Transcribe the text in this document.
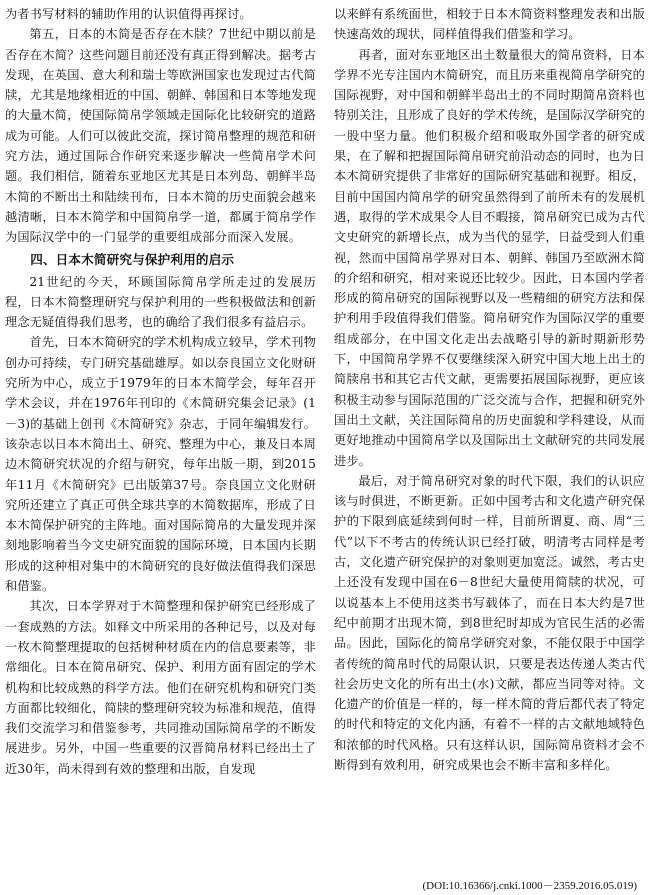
为者书写材料的辅助作用的认识值得再探讨。

第五，日本的木简是否存在木牍？7世纪中期以前是否存在木简？这些问题目前还没有真正得到解决。据考古发现，在英国、意大利和瑞士等欧洲国家也发现过古代简牍，尤其是地缘相近的中国、朝鲜、韩国和日本等地发现的大量木简，使国际简帛学领域走国际化比较研究的道路成为可能。人们可以彼此交流，探讨简帛整理的规范和研究方法，通过国际合作研究来逐步解决一些简帛学术问题。我们相信，随着东亚地区尤其是日本列岛、朝鲜半岛木简的不断出土和陆续刊布，日本木简的历史面貌会越来越清晰，日本木简学和中国简帛学一道，都属于简帛学作为国际汉学中的一门显学的重要组成部分而深入发展。

四、日本木简研究与保护利用的启示

21世纪的今天，环顾国际简帛学所走过的发展历程，日本木简整理研究与保护利用的一些积极做法和创新理念无疑值得我们思考，也的确给了我们很多有益启示。

首先，日本木简研究的学术机构成立较早，学术刊物创办可持续，专门研究基础雄厚。如以奈良国立文化财研究所为中心，成立于1979年的日本木简学会，每年召开学术会议，并在1976年刊印的《木简研究集会记录》(1－3)的基础上创刊《木简研究》杂志，于同年编辑发行。该杂志以日本木简出土、研究、整理为中心，兼及日本周边木简研究状况的介绍与研究，每年出版一期，到2015年11月《木简研究》已出版第37号。奈良国立文化财研究所还建立了真正可供全球共享的木简数据库，形成了日本木简保护研究的主阵地。面对国际简帛的大量发现并深刻地影响着当今文史研究面貌的国际环境，日本国内长期形成的这种相对集中的木简研究的良好做法值得我们深思和借鉴。

其次，日本学界对于木简整理和保护研究已经形成了一套成熟的方法。如释文中所采用的各种记号，以及对每一枚木简整理提取的包括树种材质在内的信息要素等，非常细化。日本在简帛研究、保护、利用方面有固定的学术机构和比较成熟的科学方法。他们在研究机构和研究门类方面都比较细化，简牍的整理研究较为标准和规范，值得我们交流学习和借鉴参考，共同推动国际简帛学的不断发展进步。另外，中国一些重要的汉晋简帛材料已经出土了近30年，尚未得到有效的整理和出版，自发现

以来鲜有系统面世，相较于日本木简资料整理发表和出版快速高效的现状，同样值得我们借鉴和学习。

再者，面对东亚地区出土数量很大的简帛资料，日本学界不光专注国内木简研究，而且历来重视简帛学研究的国际视野，对中国和朝鲜半岛出土的不同时期简帛资料也特别关注，且形成了良好的学术传统，是国际汉学研究的一股中坚力量。他们积极介绍和吸取外国学者的研究成果，在了解和把握国际简帛研究前沿动态的同时，也为日本木简研究提供了非常好的国际研究基础和视野。相反，目前中国国内简帛学的研究虽然得到了前所未有的发展机遇，取得的学术成果令人目不暇接，简帛研究已成为古代文史研究的新增长点，成为当代的显学，日益受到人们重视，然而中国简帛学界对日本、朝鲜、韩国乃至欧洲木简的介绍和研究，相对来说还比较少。因此，日本国内学者形成的简帛研究的国际视野以及一些精细的研究方法和保护利用手段值得我们借鉴。简帛研究作为国际汉学的重要组成部分，在中国文化走出去战略引导的新时期新形势下，中国简帛学界不仅要继续深入研究中国大地上出土的简牍帛书和其它古代文献，更需要拓展国际视野，更应该积极主动参与国际范围的广泛交流与合作，把握和研究外国出土文献，关注国际简帛的历史面貌和学科建设，从而更好地推动中国简帛学以及国际出土文献研究的共同发展进步。

最后，对于简帛研究对象的时代下限，我们的认识应该与时俱进，不断更新。正如中国考古和文化遗产研究保护的下限到底延续到何时一样，目前所谓夏、商、周“三代”以下不考古的传统认识已经打破，明清考古同样是考古，文化遗产研究保护的对象则更加宽泛。诚然，考古史上还没有发现中国在6－8世纪大量使用简牍的状况，可以说基本上不使用这类书写载体了，而在日本大约是7世纪中前期才出现木简，到8世纪时却成为官民生活的必需品。因此，国际化的简帛学研究对象，不能仅限于中国学者传统的简帛时代的局限认识，只要是表达传递人类古代社会历史文化的所有出土(水)文献，都应当同等对待。文化遗产的价值是一样的，每一样木简的背后都代表了特定的时代和特定的文化内涵，有着不一样的古文献地域特色和浓郁的时代风格。只有这样认识，国际简帛资料才会不断得到有效利用，研究成果也会不断丰富和多样化。

(DOI:10.16366/j.cnki.1000－2359.2016.05.019)
